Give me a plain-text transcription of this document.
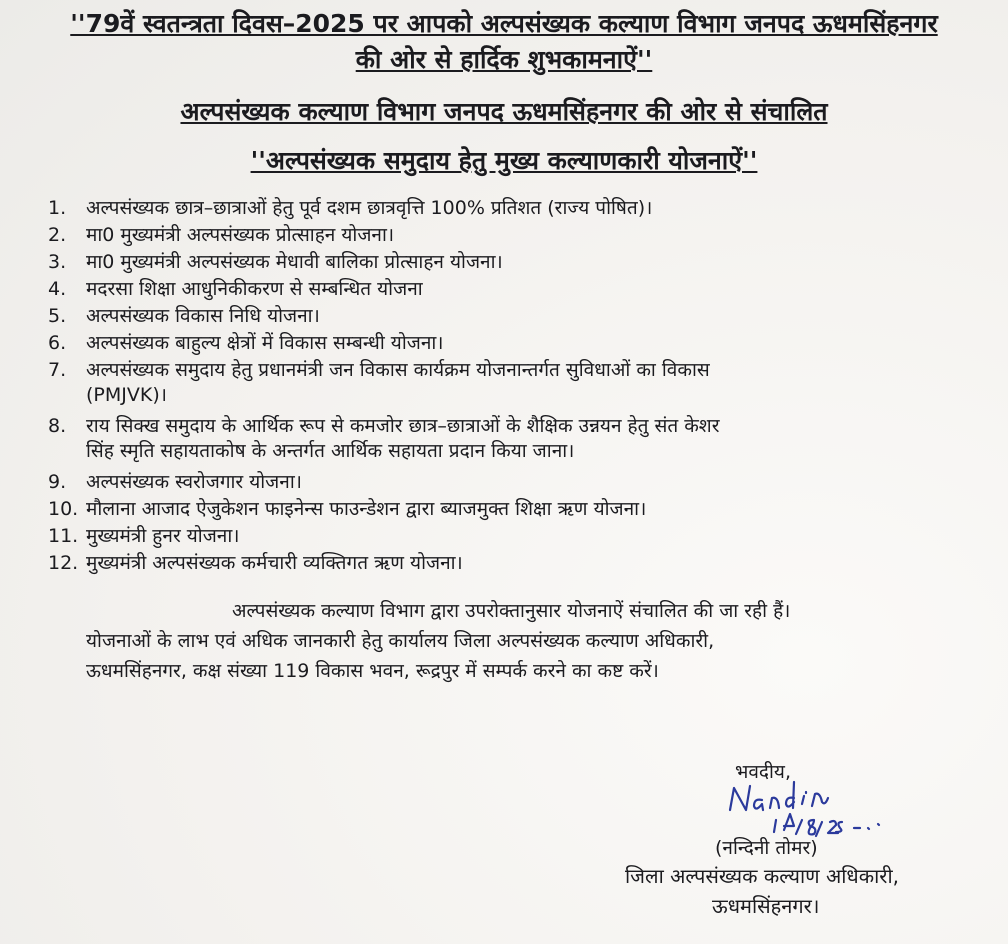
''79वें स्वतन्त्रता दिवस–2025 पर आपको अल्पसंख्यक कल्याण विभाग जनपद ऊधमसिंहनगर
की ओर से हार्दिक शुभकामनाऐं''
अल्पसंख्यक कल्याण विभाग जनपद ऊधमसिंहनगर की ओर से संचालित
''अल्पसंख्यक समुदाय हेतु मुख्य कल्याणकारी योजनाऐं''
1.	अल्पसंख्यक छात्र–छात्राओं हेतु पूर्व दशम छात्रवृत्ति 100% प्रतिशत (राज्य पोषित)।
2.	मा0 मुख्यमंत्री अल्पसंख्यक प्रोत्साहन योजना।
3.	मा0 मुख्यमंत्री अल्पसंख्यक मेधावी बालिका प्रोत्साहन योजना।
4.	मदरसा शिक्षा आधुनिकीकरण से सम्बन्धित योजना
5.	अल्पसंख्यक विकास निधि योजना।
6.	अल्पसंख्यक बाहुल्य क्षेत्रों में विकास सम्बन्धी योजना।
7.	अल्पसंख्यक समुदाय हेतु प्रधानमंत्री जन विकास कार्यक्रम योजनान्तर्गत सुविधाओं का विकास
(PMJVK)।
8.	राय सिक्ख समुदाय के आर्थिक रूप से कमजोर छात्र–छात्राओं के शैक्षिक उन्नयन हेतु संत केशर
सिंह स्मृति सहायताकोष के अन्तर्गत आर्थिक सहायता प्रदान किया जाना।
9.	अल्पसंख्यक स्वरोजगार योजना।
10. मौलाना आजाद ऐजुकेशन फाइनेन्स फाउन्डेशन द्वारा ब्याजमुक्त शिक्षा ऋण योजना।
11. मुख्यमंत्री हुनर योजना।
12. मुख्यमंत्री अल्पसंख्यक कर्मचारी व्यक्तिगत ऋण योजना।
अल्पसंख्यक कल्याण विभाग द्वारा उपरोक्तानुसार योजनाऐं संचालित की जा रही हैं।
योजनाओं के लाभ एवं अधिक जानकारी हेतु कार्यालय जिला अल्पसंख्यक कल्याण अधिकारी,
ऊधमसिंहनगर, कक्ष संख्या 119 विकास भवन, रूद्रपुर में सम्पर्क करने का कष्ट करें।
भवदीय,
(नन्दिनी तोमर)
जिला अल्पसंख्यक कल्याण अधिकारी,
ऊधमसिंहनगर।
